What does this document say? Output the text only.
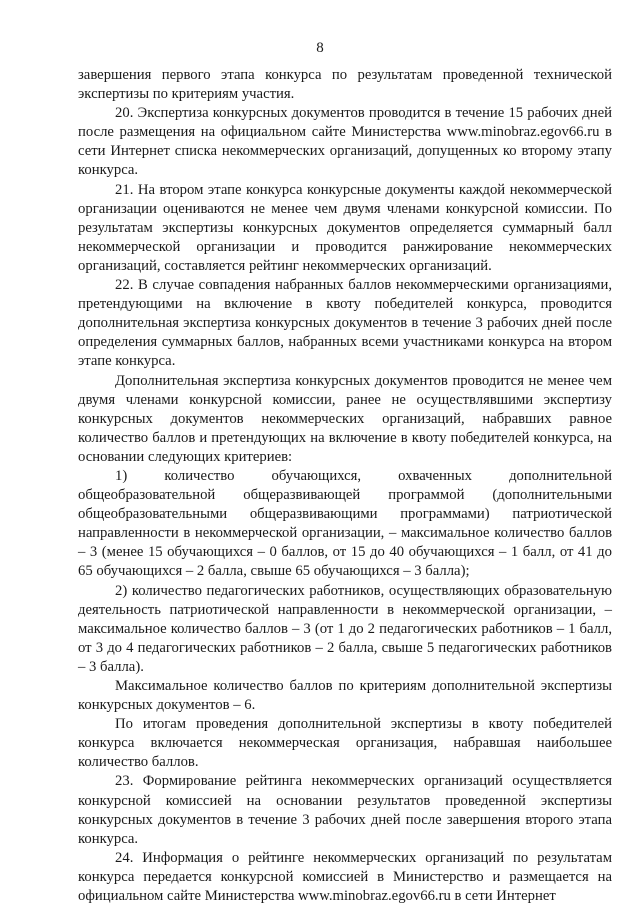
8

завершения первого этапа конкурса по результатам проведенной технической экспертизы по критериям участия.

20. Экспертиза конкурсных документов проводится в течение 15 рабочих дней после размещения на официальном сайте Министерства www.minobraz.egov66.ru в сети Интернет списка некоммерческих организаций, допущенных ко второму этапу конкурса.

21. На втором этапе конкурса конкурсные документы каждой некоммерческой организации оцениваются не менее чем двумя членами конкурсной комиссии. По результатам экспертизы конкурсных документов определяется суммарный балл некоммерческой организации и проводится ранжирование некоммерческих организаций, составляется рейтинг некоммерческих организаций.

22. В случае совпадения набранных баллов некоммерческими организациями, претендующими на включение в квоту победителей конкурса, проводится дополнительная экспертиза конкурсных документов в течение 3 рабочих дней после определения суммарных баллов, набранных всеми участниками конкурса на втором этапе конкурса.

Дополнительная экспертиза конкурсных документов проводится не менее чем двумя членами конкурсной комиссии, ранее не осуществлявшими экспертизу конкурсных документов некоммерческих организаций, набравших равное количество баллов и претендующих на включение в квоту победителей конкурса, на основании следующих критериев:

1) количество обучающихся, охваченных дополнительной общеобразовательной общеразвивающей программой (дополнительными общеобразовательными общеразвивающими программами) патриотической направленности в некоммерческой организации, – максимальное количество баллов – 3 (менее 15 обучающихся – 0 баллов, от 15 до 40 обучающихся – 1 балл, от 41 до 65 обучающихся – 2 балла, свыше 65 обучающихся – 3 балла);

2) количество педагогических работников, осуществляющих образовательную деятельность патриотической направленности в некоммерческой организации, – максимальное количество баллов – 3 (от 1 до 2 педагогических работников – 1 балл, от 3 до 4 педагогических работников – 2 балла, свыше 5 педагогических работников – 3 балла).

Максимальное количество баллов по критериям дополнительной экспертизы конкурсных документов – 6.

По итогам проведения дополнительной экспертизы в квоту победителей конкурса включается некоммерческая организация, набравшая наибольшее количество баллов.

23. Формирование рейтинга некоммерческих организаций осуществляется конкурсной комиссией на основании результатов проведенной экспертизы конкурсных документов в течение 3 рабочих дней после завершения второго этапа конкурса.

24. Информация о рейтинге некоммерческих организаций по результатам конкурса передается конкурсной комиссией в Министерство и размещается на официальном сайте Министерства www.minobraz.egov66.ru в сети Интернет
